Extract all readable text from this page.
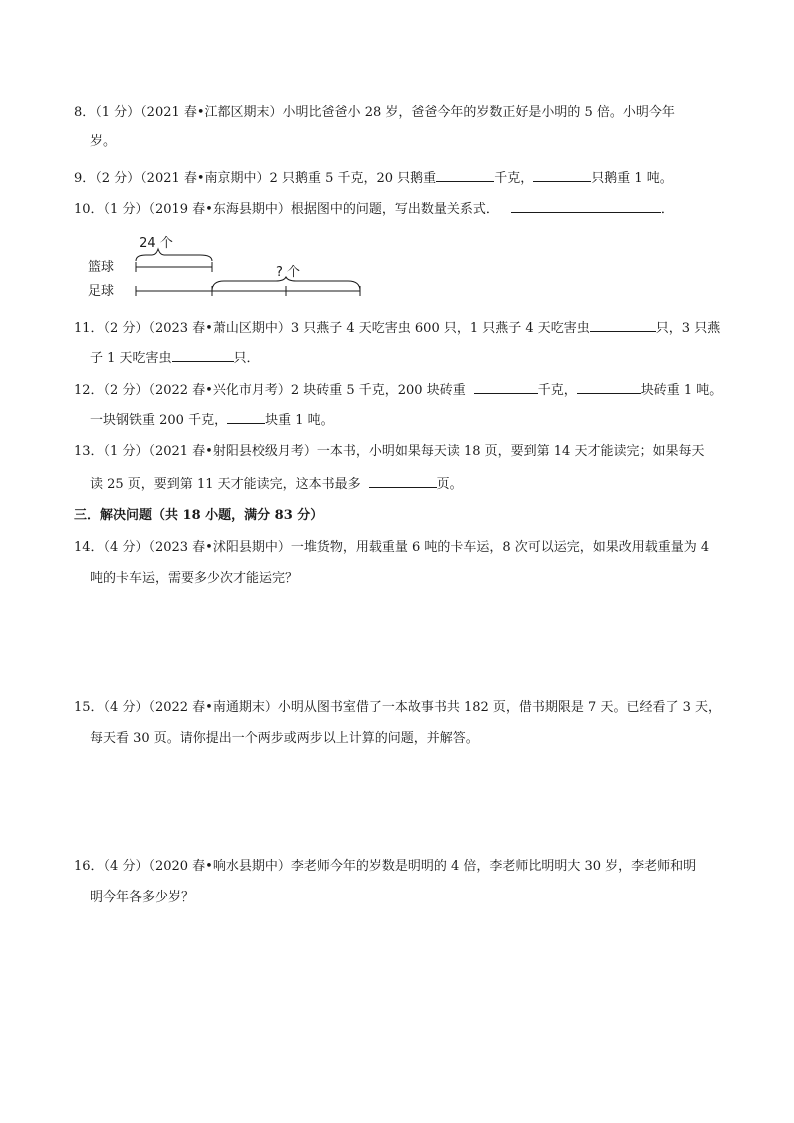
8．（1 分）（2021 春•江都区期末）小明比爸爸小 28 岁，爸爸今年的岁数正好是小明的 5 倍。小明今年
岁。
9．（2 分）（2021 春•南京期中）2 只鹅重 5 千克，20 只鹅重	千克，	只鹅重 1 吨。
10．（1 分）（2019 春•东海县期中）根据图中的问题，写出数量关系式．	．
24 个
篮球	? 个
足球
11．（2 分）（2023 春•萧山区期中）3 只燕子 4 天吃害虫 600 只，1 只燕子 4 天吃害虫	只，3 只燕
子 1 天吃害虫	只．
12．（2 分）（2022 春•兴化市月考）2 块砖重 5 千克，200 块砖重	千克，	块砖重 1 吨。
一块钢铁重 200 千克，	块重 1 吨。
13．（1 分）（2021 春•射阳县校级月考）一本书，小明如果每天读 18 页，要到第 14 天才能读完；如果每天
读 25 页，要到第 11 天才能读完，这本书最多	页。
三．解决问题（共 18 小题，满分 83 分）
14．（4 分）（2023 春•沭阳县期中）一堆货物，用载重量 6 吨的卡车运，8 次可以运完，如果改用载重量为 4
吨的卡车运，需要多少次才能运完？
15．（4 分）（2022 春•南通期末）小明从图书室借了一本故事书共 182 页，借书期限是 7 天。已经看了 3 天，
每天看 30 页。请你提出一个两步或两步以上计算的问题，并解答。
16．（4 分）（2020 春•响水县期中）李老师今年的岁数是明明的 4 倍，李老师比明明大 30 岁，李老师和明
明今年各多少岁？
